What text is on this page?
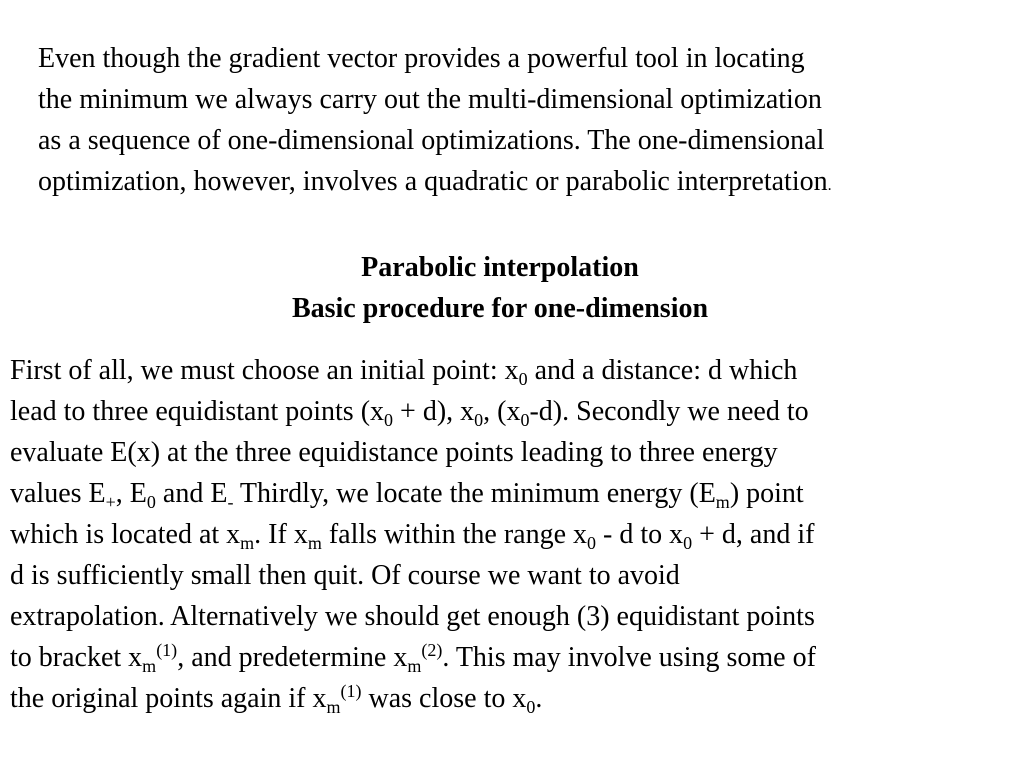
Even though the gradient vector provides a powerful tool in locating
the minimum we always carry out the multi-dimensional optimization
as a sequence of one-dimensional optimizations. The one-dimensional
optimization, however, involves a quadratic or parabolic interpretation.

Parabolic interpolation
Basic procedure for one-dimension

First of all, we must choose an initial point: $x_0$ and a distance: d which
lead to three equidistant points $(x_0 + d)$, $x_0$, $(x_0-d)$. Secondly we need to
evaluate E(x) at the three equidistance points leading to three energy
values $E_+$, $E_0$ and $E_-$ Thirdly, we locate the minimum energy $(E_m)$ point
which is located at $x_m$. If $x_m$ falls within the range $x_0$ - d to $x_0 + d$, and if
d is sufficiently small then quit. Of course we want to avoid
extrapolation. Alternatively we should get enough (3) equidistant points
to bracket $x_m^{(1)}$, and predetermine $x_m^{(2)}$. This may involve using some of
the original points again if $x_m^{(1)}$ was close to $x_0$.
